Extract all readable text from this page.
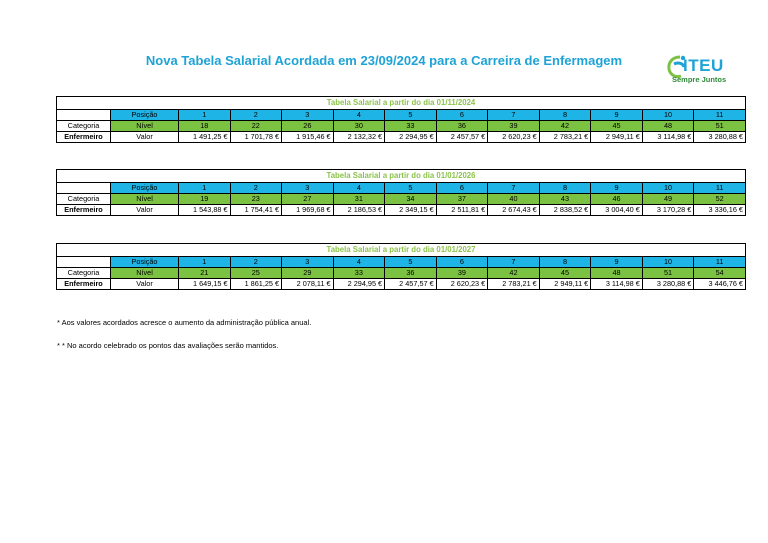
Nova Tabela Salarial Acordada em 23/09/2024 para a Carreira de Enfermagem	ITEU
Sempre Juntos
Tabela Salarial a partir do dia 01/11/2024												
	Posição	1	2	3	4	5	6	7	8	9	10	11
Categoria	Nível	18	22	26	30	33	36	39	42	45	48	51
Enfermeiro	Valor	1 491,25 €	1 701,78 €	1 915,46 €	2 132,32 €	2 294,95 €	2 457,57 €	2 620,23 €	2 783,21 €	2 949,11 €	3 114,98 €	3 280,88 €
Tabela Salarial a partir do dia 01/01/2026												
	Posição	1	2	3	4	5	6	7	8	9	10	11
Categoria	Nível	19	23	27	31	34	37	40	43	46	49	52
Enfermeiro	Valor	1 543,88 €	1 754,41 €	1 969,68 €	2 186,53 €	2 349,15 €	2 511,81 €	2 674,43 €	2 838,52 €	3 004,40 €	3 170,28 €	3 336,16 €
Tabela Salarial a partir do dia 01/01/2027												
	Posição	1	2	3	4	5	6	7	8	9	10	11
Categoria	Nível	21	25	29	33	36	39	42	45	48	51	54
Enfermeiro	Valor	1 649,15 €	1 861,25 €	2 078,11 €	2 294,95 €	2 457,57 €	2 620,23 €	2 783,21 €	2 949,11 €	3 114,98 €	3 280,88 €	3 446,76 €
* Aos valores acordados acresce o aumento da administração pública anual.
* * No acordo celebrado os pontos das avaliações serão mantidos.
